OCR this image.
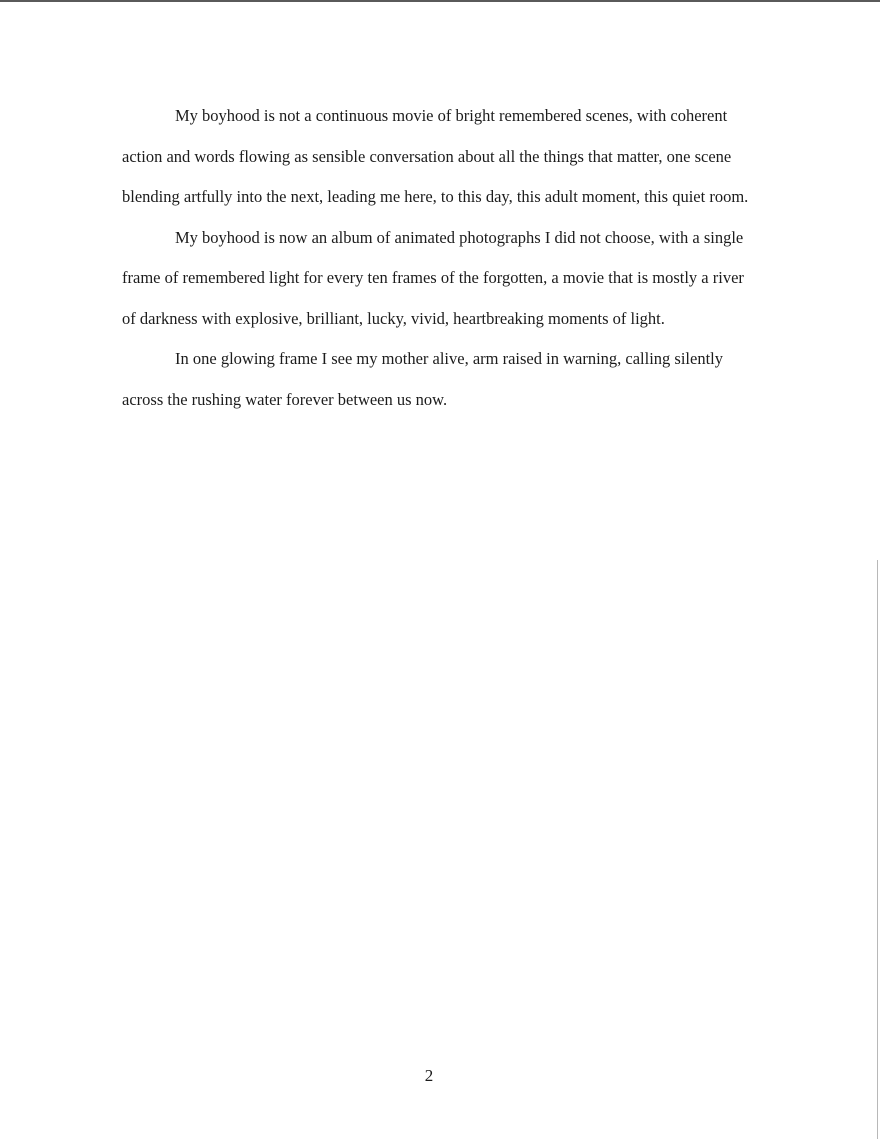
My boyhood is not a continuous movie of bright remembered scenes, with coherent action and words flowing as sensible conversation about all the things that matter, one scene blending artfully into the next, leading me here, to this day, this adult moment, this quiet room.

My boyhood is now an album of animated photographs I did not choose, with a single frame of remembered light for every ten frames of the forgotten, a movie that is mostly a river of darkness with explosive, brilliant, lucky, vivid, heartbreaking moments of light.

In one glowing frame I see my mother alive, arm raised in warning, calling silently across the rushing water forever between us now.

2
